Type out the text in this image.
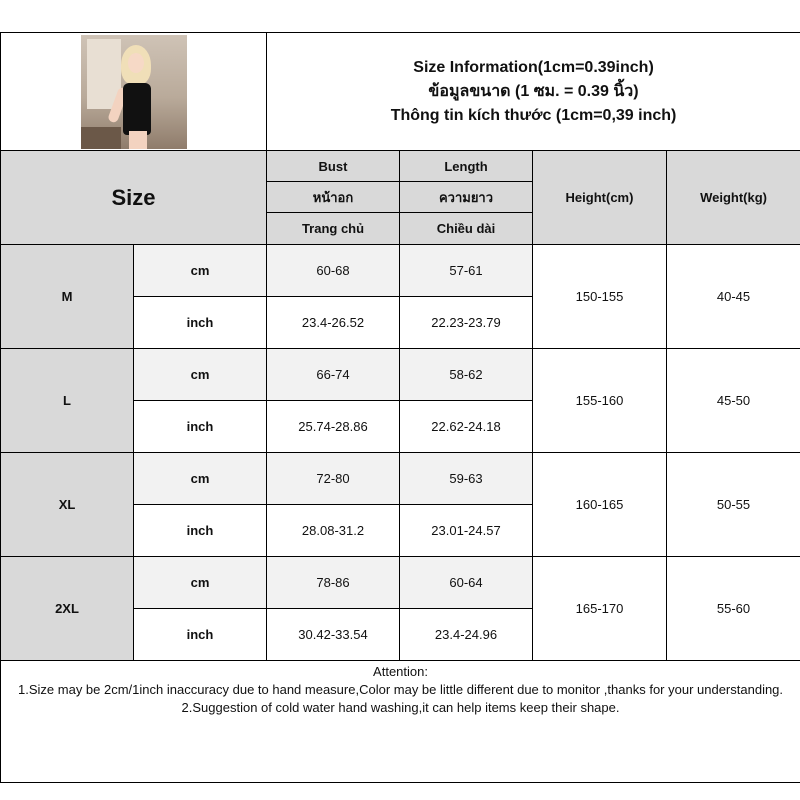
		Size Information(1cm=0.39inch)
ข้อมูลขนาด (1 ซม. = 0.39 นิ้ว)
Thông tin kích thước (1cm=0,39 inch)			

Size		Bust	Length	Height(cm)	Weight(kg)
		หน้าอก	ความยาว		
		Trang chủ	Chiều dài		
M	cm	60-68	57-61	150-155	40-45
	inch	23.4-26.52	22.23-23.79		
L	cm	66-74	58-62	155-160	45-50
	inch	25.74-28.86	22.62-24.18		
XL	cm	72-80	59-63	160-165	50-55
	inch	28.08-31.2	23.01-24.57		
2XL	cm	78-86	60-64	165-170	55-60
	inch	30.42-33.54	23.4-24.96		

Attention:
1.Size may be 2cm/1inch inaccuracy due to hand measure,Color may be little different due to monitor ,thanks for your understanding.
2.Suggestion of cold water hand washing,it can help items keep their shape.					
